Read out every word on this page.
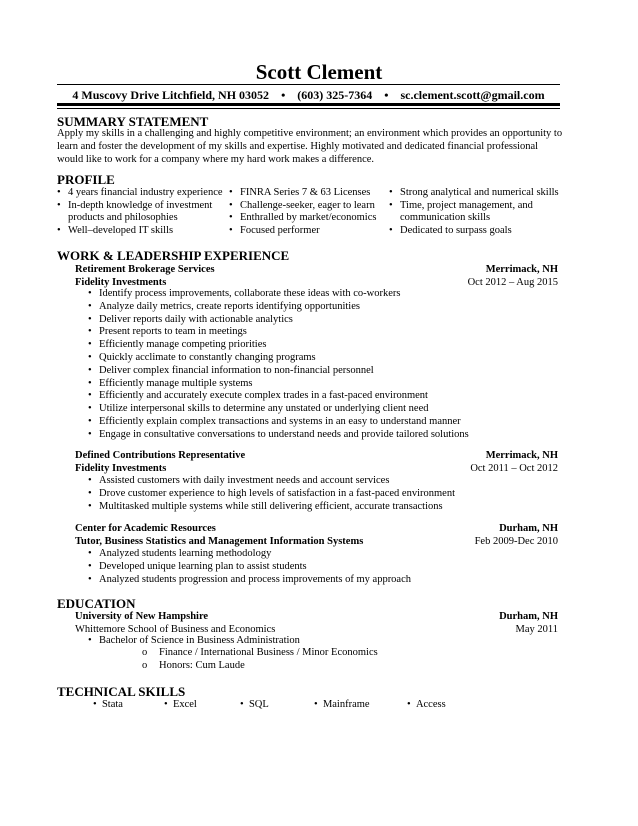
Scott Clement
4 Muscovy Drive Litchfield, NH 03052 • (603) 325-7364 • sc.clement.scott@gmail.com
SUMMARY STATEMENT
Apply my skills in a challenging and highly competitive environment; an environment which provides an opportunity to
learn and foster the development of my skills and expertise. Highly motivated and dedicated financial professional
would like to work for a company where my hard work makes a difference.
PROFILE
• 4 years financial industry experience
• In-depth knowledge of investment
products and philosophies
• Well–developed IT skills
• FINRA Series 7 & 63 Licenses
• Challenge-seeker, eager to learn
• Enthralled by market/economics
• Focused performer
• Strong analytical and numerical skills
• Time, project management, and
communication skills
• Dedicated to surpass goals
WORK & LEADERSHIP EXPERIENCE
Retirement Brokerage Services	Merrimack, NH
Fidelity Investments	Oct 2012 – Aug 2015
• Identify process improvements, collaborate these ideas with co-workers
• Analyze daily metrics, create reports identifying opportunities
• Deliver reports daily with actionable analytics
• Present reports to team in meetings
• Efficiently manage competing priorities
• Quickly acclimate to constantly changing programs
• Deliver complex financial information to non-financial personnel
• Efficiently manage multiple systems
• Efficiently and accurately execute complex trades in a fast-paced environment
• Utilize interpersonal skills to determine any unstated or underlying client need
• Efficiently explain complex transactions and systems in an easy to understand manner
• Engage in consultative conversations to understand needs and provide tailored solutions
Defined Contributions Representative	Merrimack, NH
Fidelity Investments	Oct 2011 – Oct 2012
• Assisted customers with daily investment needs and account services
• Drove customer experience to high levels of satisfaction in a fast-paced environment
• Multitasked multiple systems while still delivering efficient, accurate transactions
Center for Academic Resources	Durham, NH
Tutor, Business Statistics and Management Information Systems	Feb 2009-Dec 2010
• Analyzed students learning methodology
• Developed unique learning plan to assist students
• Analyzed students progression and process improvements of my approach
EDUCATION
University of New Hampshire	Durham, NH
Whittemore School of Business and Economics	May 2011
• Bachelor of Science in Business Administration
o Finance / International Business / Minor Economics
o Honors: Cum Laude
TECHNICAL SKILLS
•  Stata	•  Excel	•  SQL	•  Mainframe	•  Access
